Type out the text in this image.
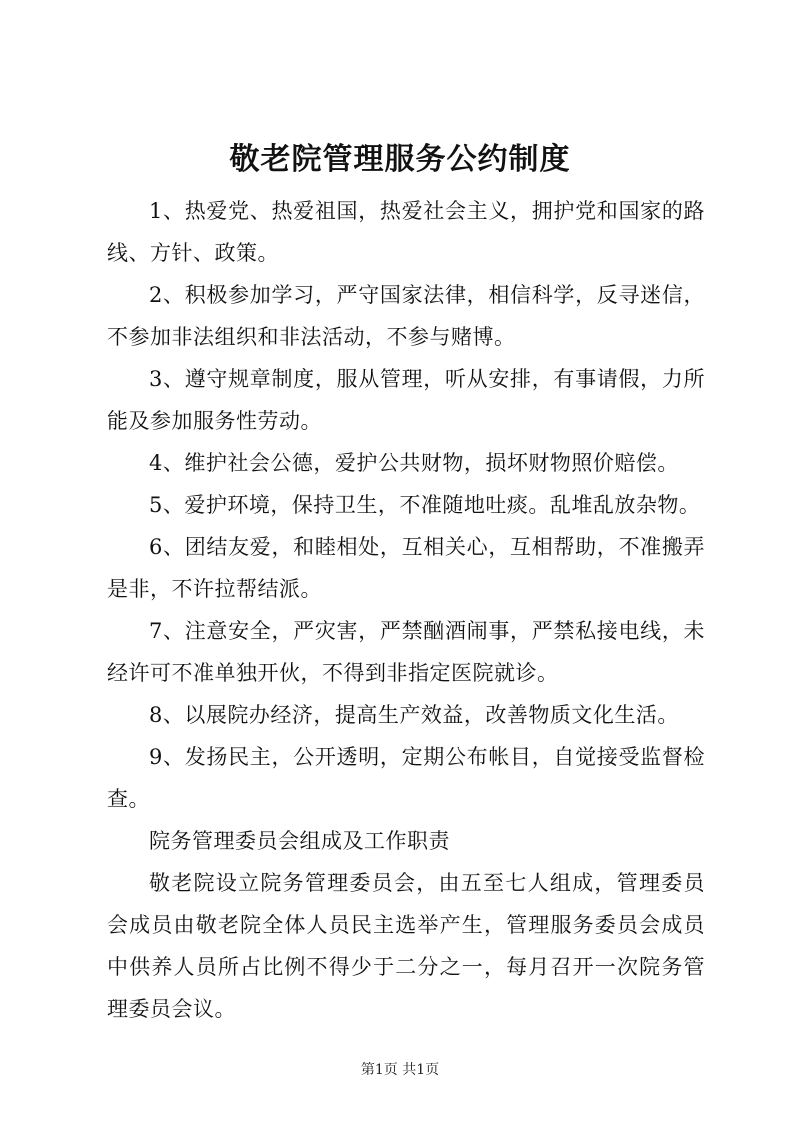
敬老院管理服务公约制度

1、热爱党、热爱祖国，热爱社会主义，拥护党和国家的路线、方针、政策。

2、积极参加学习，严守国家法律，相信科学，反寻迷信，不参加非法组织和非法活动，不参与赌博。

3、遵守规章制度，服从管理，听从安排，有事请假，力所能及参加服务性劳动。

4、维护社会公德，爱护公共财物，损坏财物照价赔偿。

5、爱护环境，保持卫生，不准随地吐痰。乱堆乱放杂物。

6、团结友爱，和睦相处，互相关心，互相帮助，不准搬弄是非，不许拉帮结派。

7、注意安全，严灾害，严禁酗酒闹事，严禁私接电线，未经许可不准单独开伙，不得到非指定医院就诊。

8、以展院办经济，提高生产效益，改善物质文化生活。

9、发扬民主，公开透明，定期公布帐目，自觉接受监督检查。

院务管理委员会组成及工作职责

敬老院设立院务管理委员会，由五至七人组成，管理委员会成员由敬老院全体人员民主选举产生，管理服务委员会成员中供养人员所占比例不得少于二分之一，每月召开一次院务管理委员会议。

第1页 共1页
